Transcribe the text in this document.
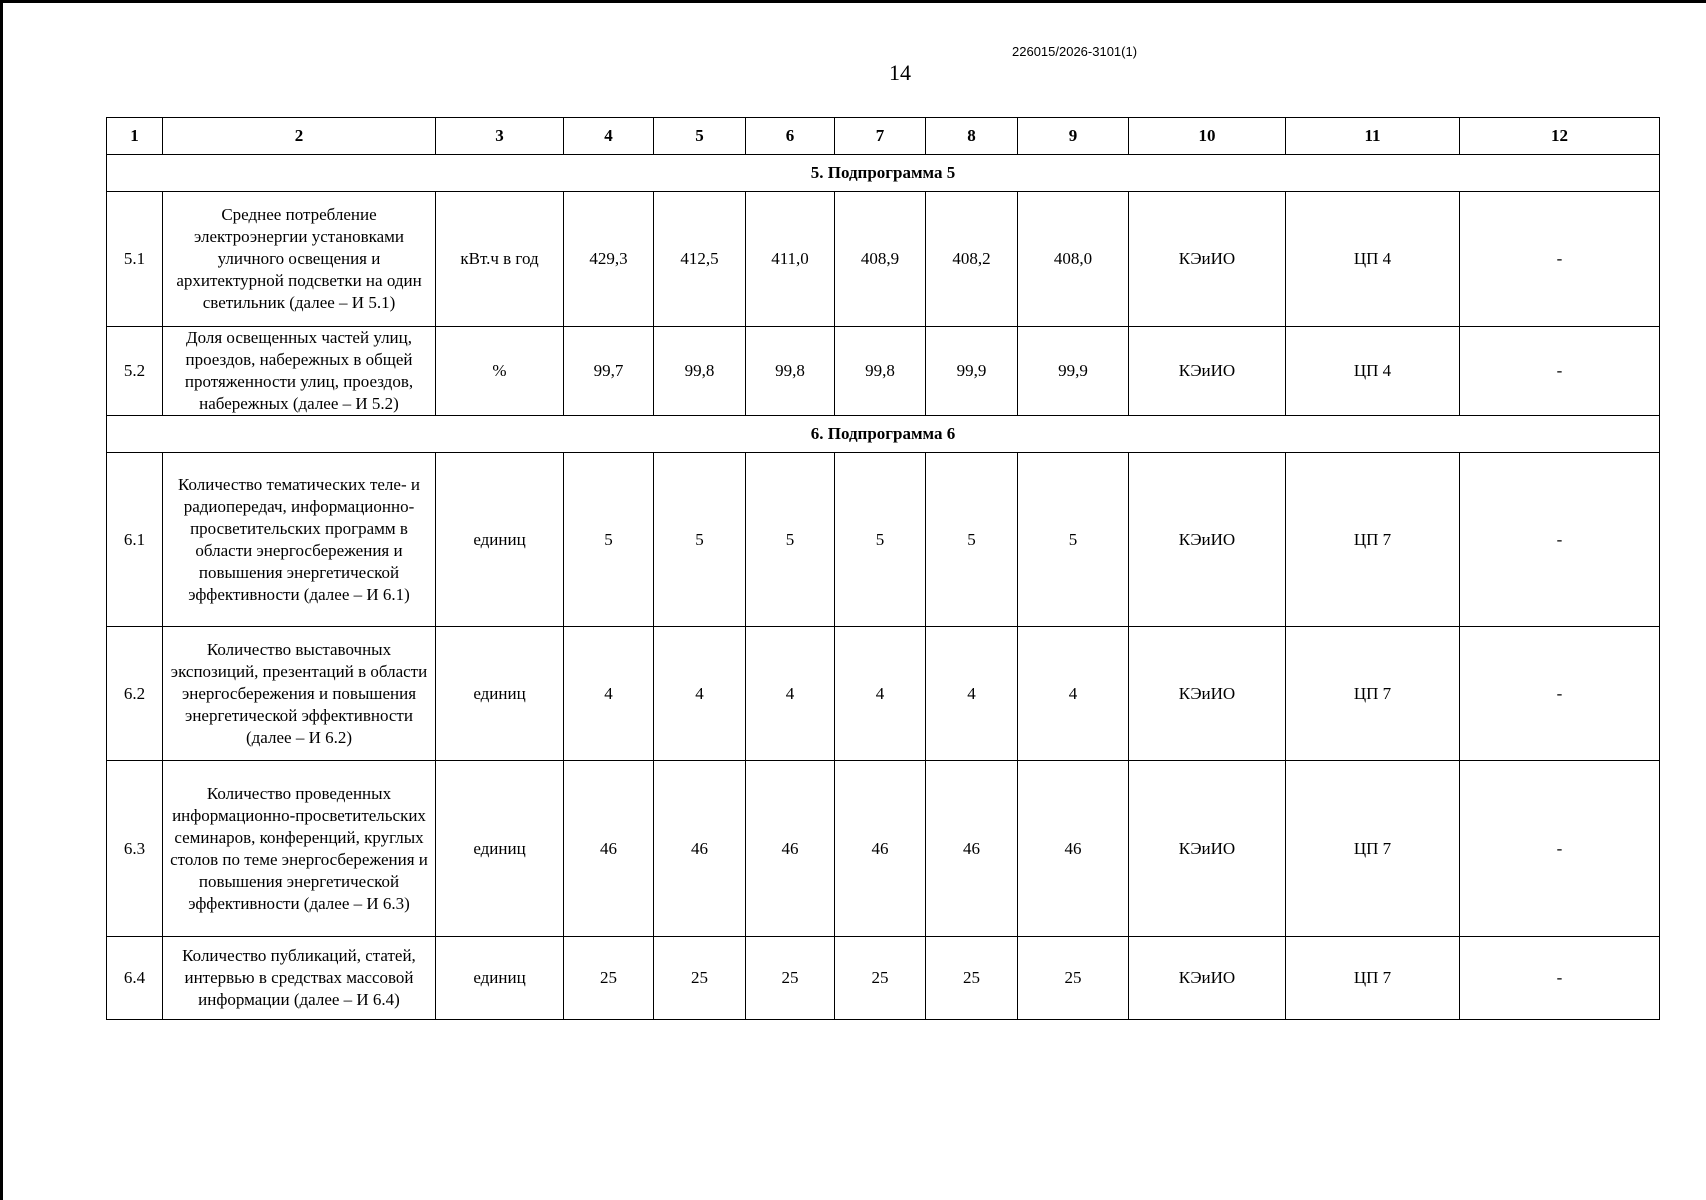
226015/2026-3101(1)
14
1	2	3	4	5	6	7	8	9	10	11	12
5. Подпрограмма 5											
5.1	Среднее потребление электроэнергии установками уличного освещения и архитектурной подсветки на один светильник (далее – И 5.1)	кВт.ч в год	429,3	412,5	411,0	408,9	408,2	408,0	КЭиИО	ЦП 4	-
5.2	Доля освещенных частей улиц, проездов, набережных в общей протяженности улиц, проездов, набережных (далее – И 5.2)	%	99,7	99,8	99,8	99,8	99,9	99,9	КЭиИО	ЦП 4	-
6. Подпрограмма 6											
6.1	Количество тематических теле- и радиопередач, информационно-просветительских программ в области энергосбережения и повышения энергетической эффективности (далее – И 6.1)	единиц	5	5	5	5	5	5	КЭиИО	ЦП 7	-
6.2	Количество выставочных экспозиций, презентаций в области энергосбережения и повышения энергетической эффективности (далее – И 6.2)	единиц	4	4	4	4	4	4	КЭиИО	ЦП 7	-
6.3	Количество проведенных информационно-просветительских семинаров, конференций, круглых столов по теме энергосбережения и повышения энергетической эффективности (далее – И 6.3)	единиц	46	46	46	46	46	46	КЭиИО	ЦП 7	-
6.4	Количество публикаций, статей, интервью в средствах массовой информации (далее – И 6.4)	единиц	25	25	25	25	25	25	КЭиИО	ЦП 7	-
